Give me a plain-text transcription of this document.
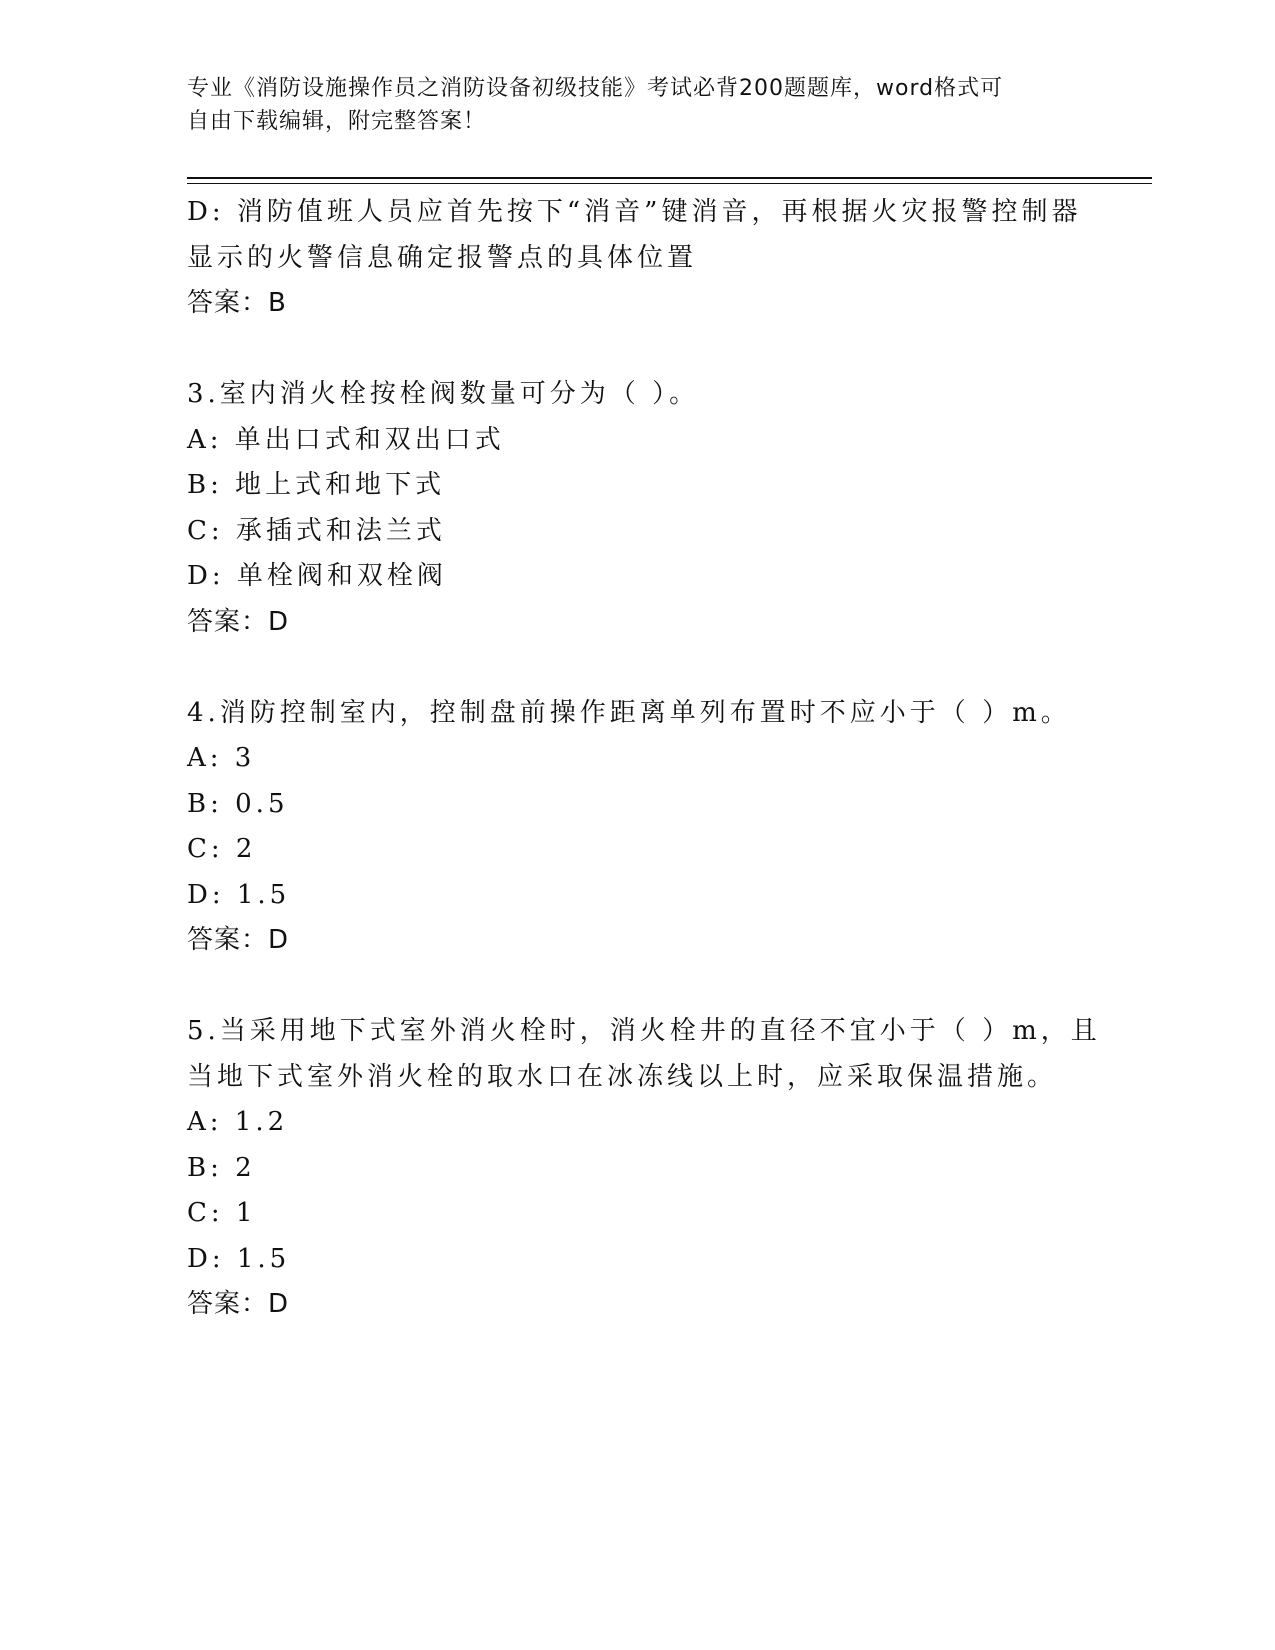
专业《消防设施操作员之消防设备初级技能》考试必背200题题库，word格式可
自由下载编辑，附完整答案！
D: 消防值班人员应首先按下“消音”键消音，再根据火灾报警控制器
显示的火警信息确定报警点的具体位置
答案：B
3.室内消火栓按栓阀数量可分为（ ）。
A: 单出口式和双出口式
B: 地上式和地下式
C: 承插式和法兰式
D: 单栓阀和双栓阀
答案：D
4.消防控制室内，控制盘前操作距离单列布置时不应小于（ ）m。
A: 3
B: 0.5
C: 2
D: 1.5
答案：D
5.当采用地下式室外消火栓时，消火栓井的直径不宜小于（ ）m，且
当地下式室外消火栓的取水口在冰冻线以上时，应采取保温措施。
A: 1.2
B: 2
C: 1
D: 1.5
答案：D
